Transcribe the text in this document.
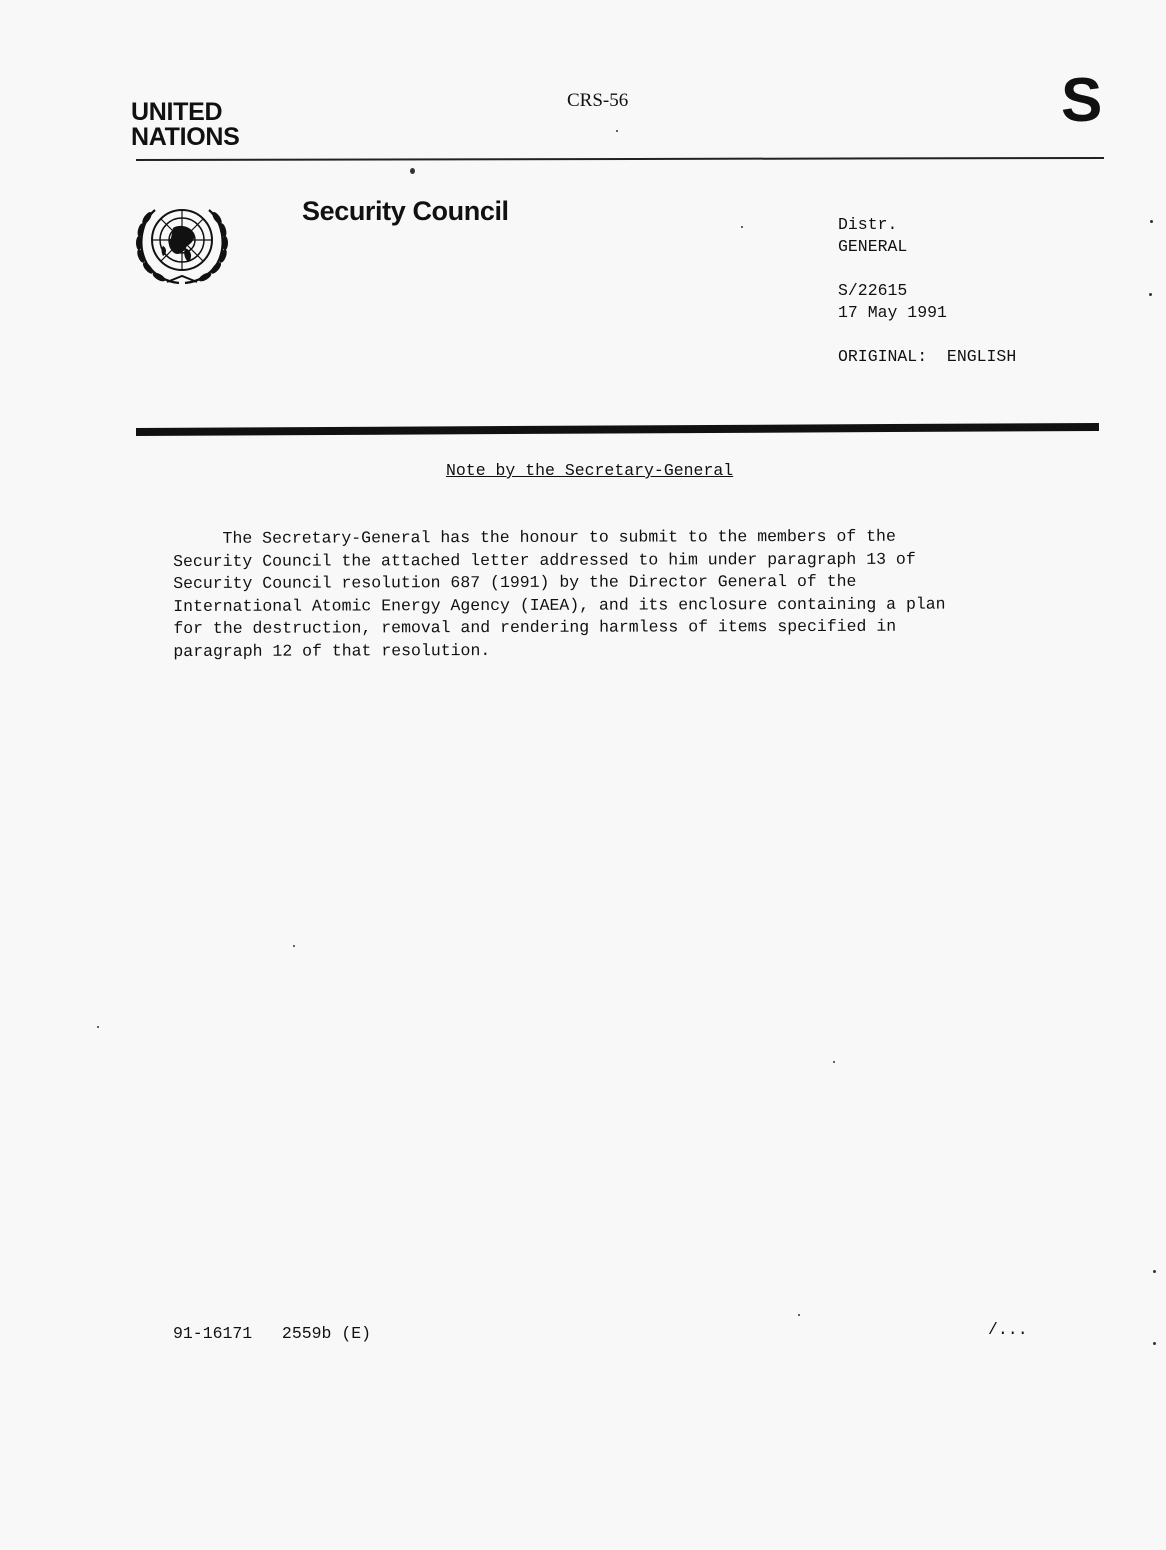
UNITED
NATIONS
CRS-56	S
Security Council	Distr.
GENERAL
S/22615
17 May 1991
ORIGINAL:  ENGLISH
Note by the Secretary-General
The Secretary-General has the honour to submit to the members of the
Security Council the attached letter addressed to him under paragraph 13 of
Security Council resolution 687 (1991) by the Director General of the
International Atomic Energy Agency (IAEA), and its enclosure containing a plan
for the destruction, removal and rendering harmless of items specified in
paragraph 12 of that resolution.
91-16171   2559b (E)	/...
